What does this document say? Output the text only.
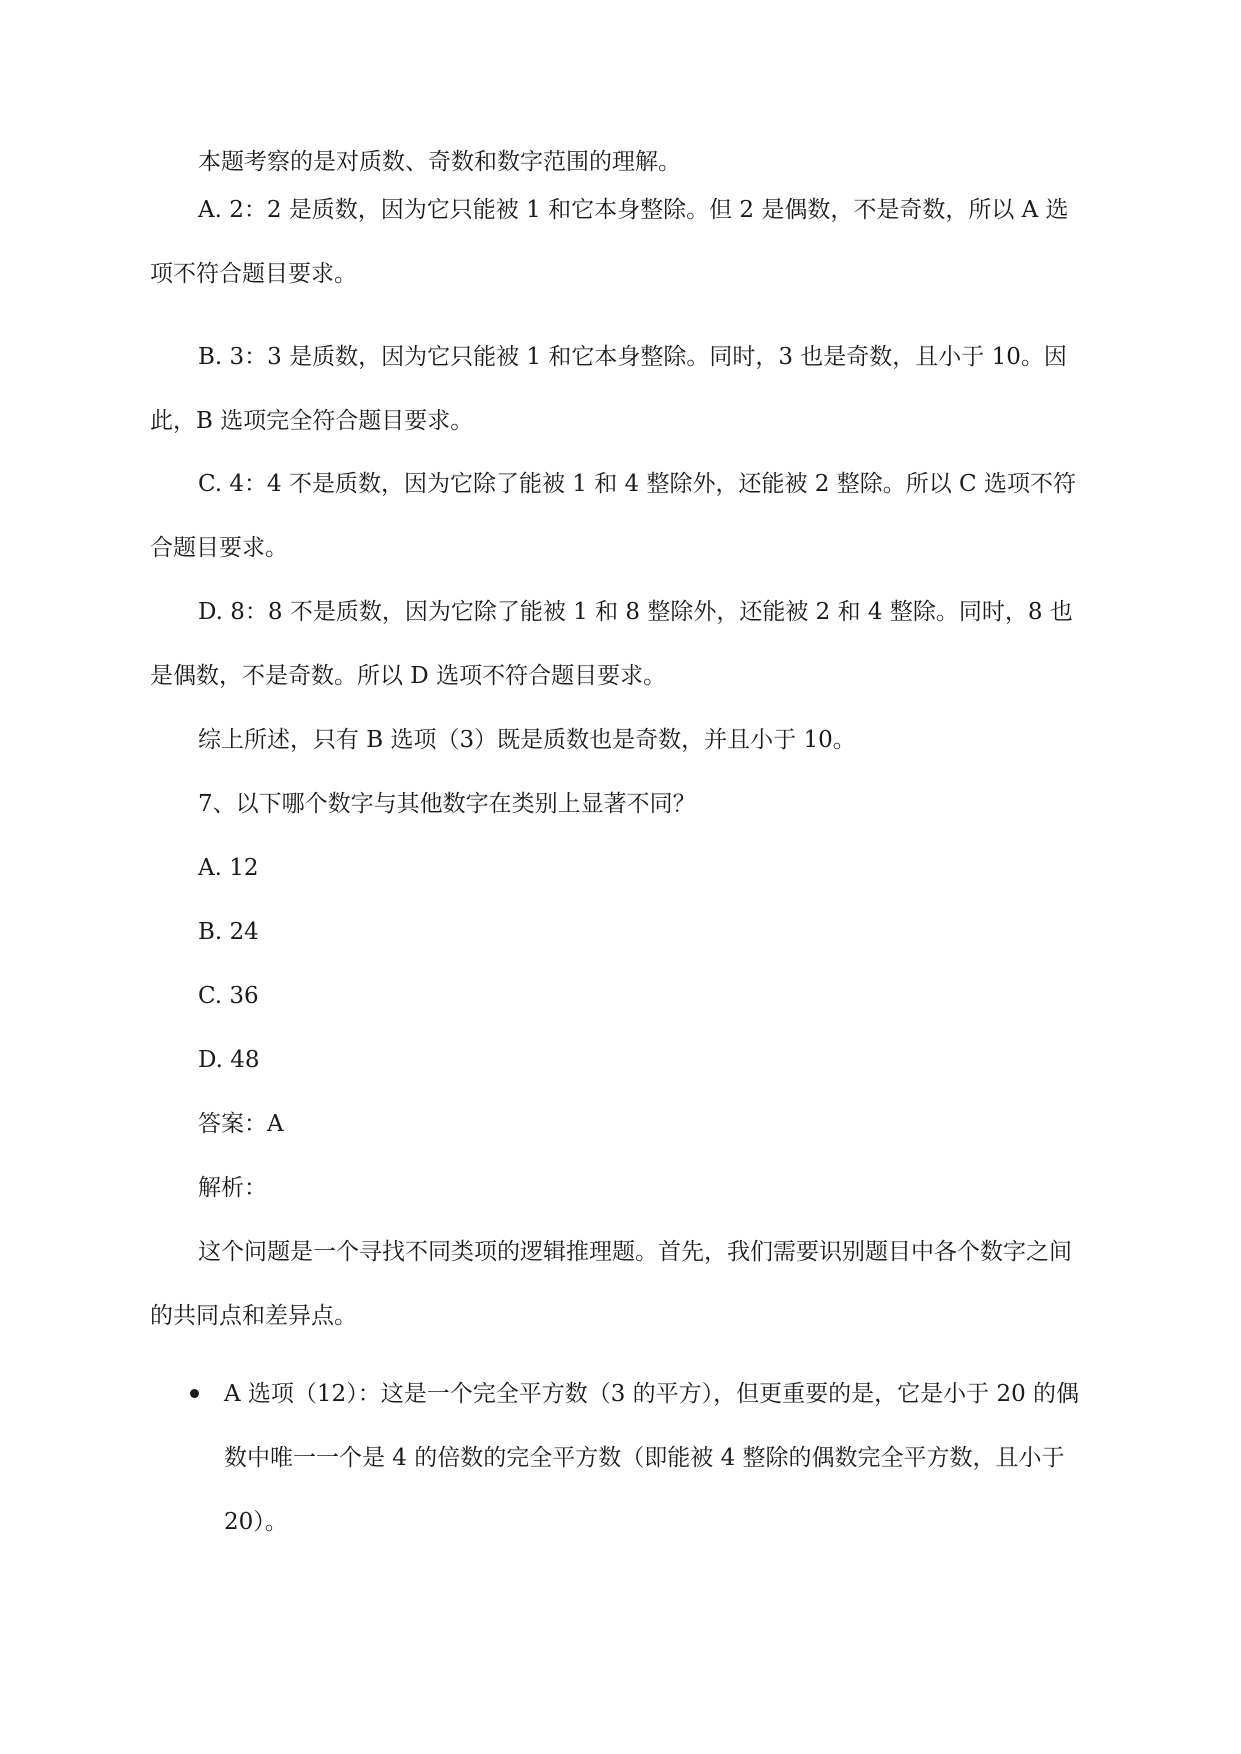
本题考察的是对质数、奇数和数字范围的理解。

A. 2：2 是质数，因为它只能被 1 和它本身整除。但 2 是偶数，不是奇数，所以 A 选项不符合题目要求。

B. 3：3 是质数，因为它只能被 1 和它本身整除。同时，3 也是奇数，且小于 10。因此，B 选项完全符合题目要求。

C. 4：4 不是质数，因为它除了能被 1 和 4 整除外，还能被 2 整除。所以 C 选项不符合题目要求。

D. 8：8 不是质数，因为它除了能被 1 和 8 整除外，还能被 2 和 4 整除。同时，8 也是偶数，不是奇数。所以 D 选项不符合题目要求。

综上所述，只有 B 选项（3）既是质数也是奇数，并且小于 10。

7、以下哪个数字与其他数字在类别上显著不同？

A. 12

B. 24

C. 36

D. 48

答案：A

解析：

这个问题是一个寻找不同类项的逻辑推理题。首先，我们需要识别题目中各个数字之间的共同点和差异点。

A 选项（12）：这是一个完全平方数（3 的平方），但更重要的是，它是小于 20 的偶数中唯一一个是 4 的倍数的完全平方数（即能被 4 整除的偶数完全平方数，且小于 20）。
